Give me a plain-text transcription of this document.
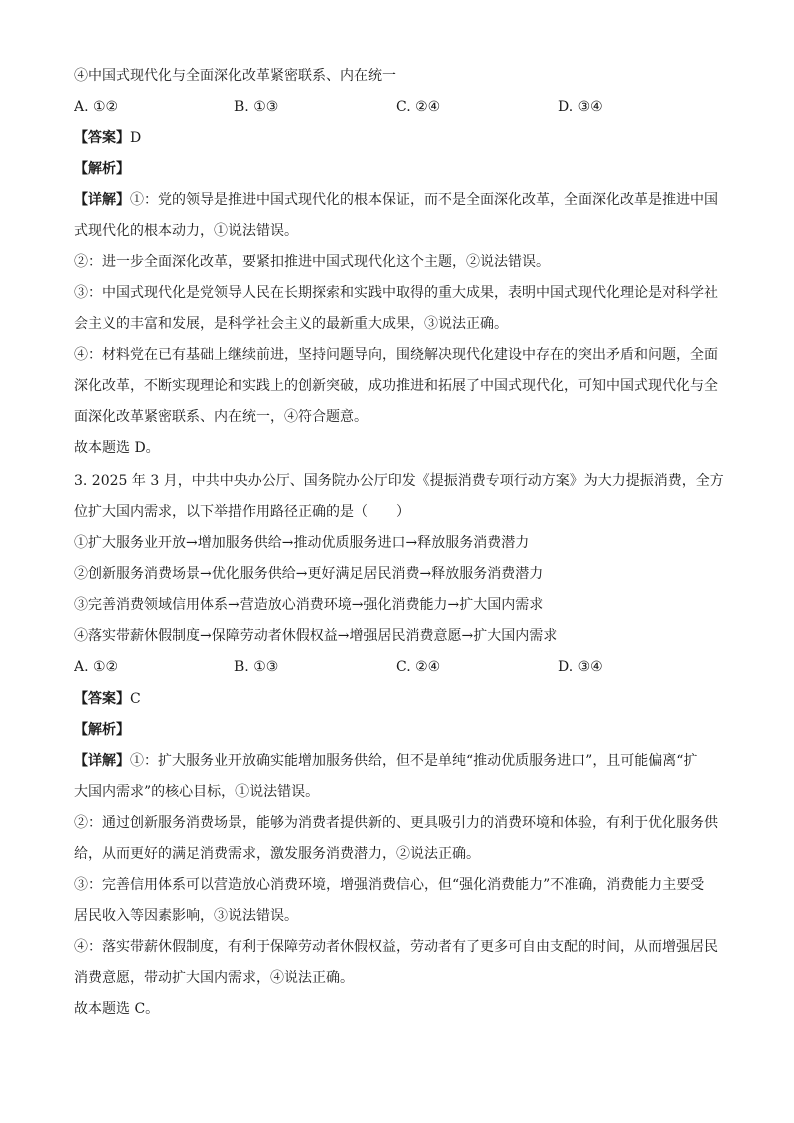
④中国式现代化与全面深化改革紧密联系、内在统一
A. ①②	B. ①③	C. ②④	D. ③④
【答案】D
【解析】
【详解】①：党的领导是推进中国式现代化的根本保证，而不是全面深化改革，全面深化改革是推进中国
式现代化的根本动力，①说法错误。
②：进一步全面深化改革，要紧扣推进中国式现代化这个主题，②说法错误。
③：中国式现代化是党领导人民在长期探索和实践中取得的重大成果，表明中国式现代化理论是对科学社
会主义的丰富和发展，是科学社会主义的最新重大成果，③说法正确。
④：材料党在已有基础上继续前进，坚持问题导向，围绕解决现代化建设中存在的突出矛盾和问题，全面
深化改革，不断实现理论和实践上的创新突破，成功推进和拓展了中国式现代化，可知中国式现代化与全
面深化改革紧密联系、内在统一，④符合题意。
故本题选 D。
3. 2025 年 3 月，中共中央办公厅、国务院办公厅印发《提振消费专项行动方案》为大力提振消费，全方
位扩大国内需求，以下举措作用路径正确的是（　　）
①扩大服务业开放→增加服务供给→推动优质服务进口→释放服务消费潜力
②创新服务消费场景→优化服务供给→更好满足居民消费→释放服务消费潜力
③完善消费领域信用体系→营造放心消费环境→强化消费能力→扩大国内需求
④落实带薪休假制度→保障劳动者休假权益→增强居民消费意愿→扩大国内需求
A. ①②	B. ①③	C. ②④	D. ③④
【答案】C
【解析】
【详解】①：扩大服务业开放确实能增加服务供给，但不是单纯“推动优质服务进口”，且可能偏离“扩
大国内需求”的核心目标，①说法错误。
②：通过创新服务消费场景，能够为消费者提供新的、更具吸引力的消费环境和体验，有利于优化服务供
给，从而更好的满足消费需求，激发服务消费潜力，②说法正确。
③：完善信用体系可以营造放心消费环境，增强消费信心，但“强化消费能力”不准确，消费能力主要受
居民收入等因素影响，③说法错误。
④：落实带薪休假制度，有利于保障劳动者休假权益，劳动者有了更多可自由支配的时间，从而增强居民
消费意愿，带动扩大国内需求，④说法正确。
故本题选 C。
